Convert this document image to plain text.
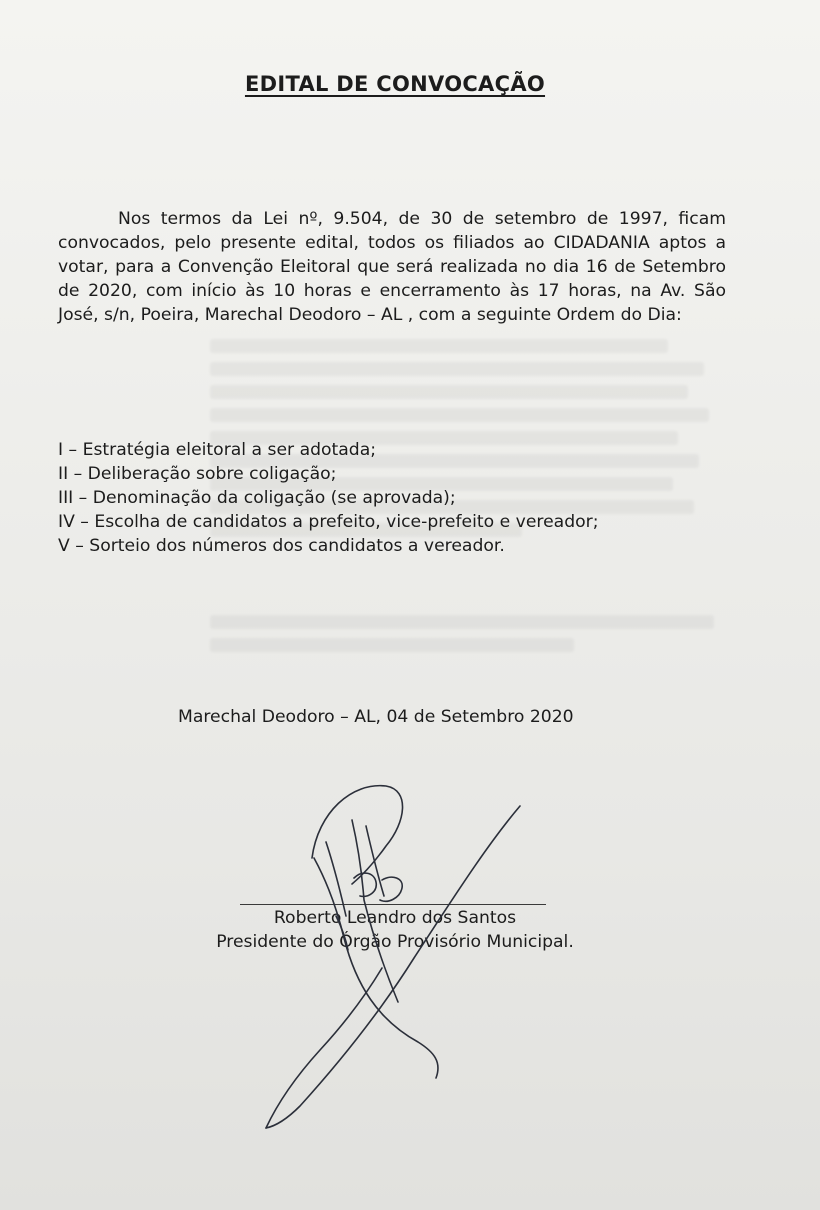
EDITAL DE CONVOCAÇÃO

Nos termos da Lei nº, 9.504, de 30 de setembro de 1997, ficam convocados, pelo presente edital, todos os filiados ao CIDADANIA aptos a votar, para a Convenção Eleitoral que será realizada no dia 16 de Setembro de 2020, com início às 10 horas e encerramento às 17 horas, na Av. São José, s/n, Poeira, Marechal Deodoro – AL , com a seguinte Ordem do Dia:

I – Estratégia eleitoral a ser adotada;
II – Deliberação sobre coligação;
III – Denominação da coligação (se aprovada);
IV – Escolha de candidatos a prefeito, vice-prefeito e vereador;
V – Sorteio dos números dos candidatos a vereador.
Marechal Deodoro – AL, 04 de Setembro 2020
Roberto Leandro dos Santos
Presidente do Órgão Provisório Municipal.
